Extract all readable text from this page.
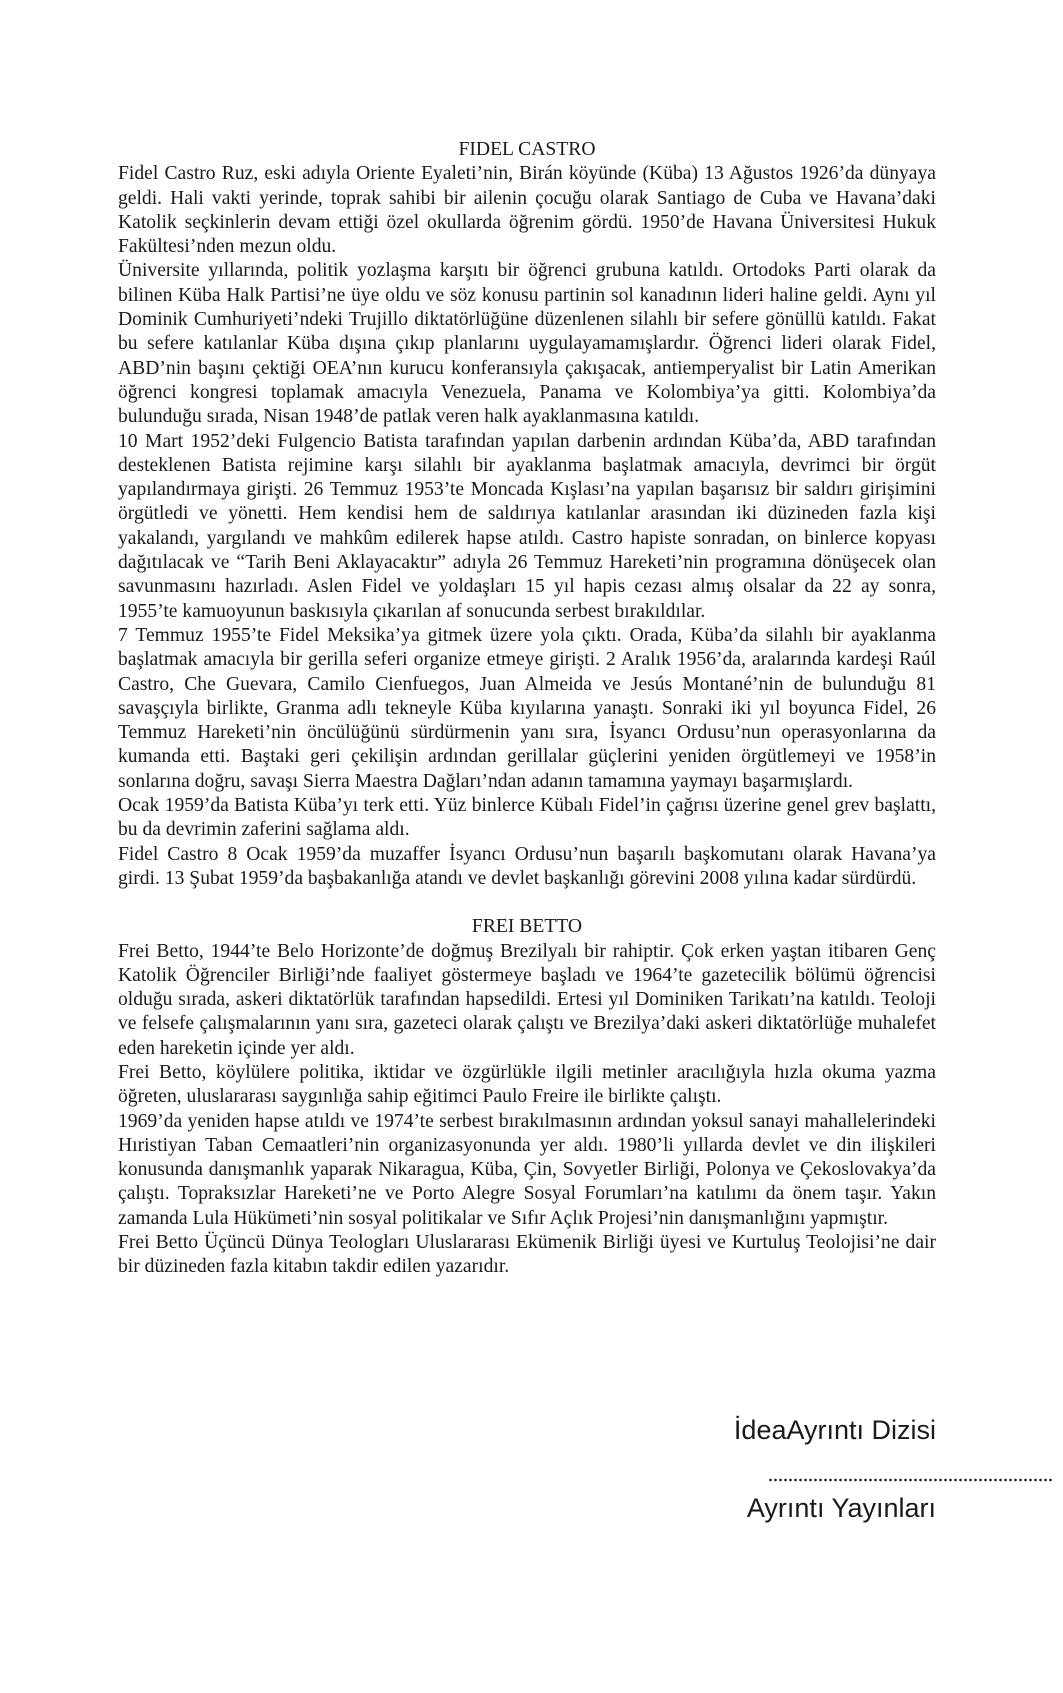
FIDEL CASTRO

Fidel Castro Ruz, eski adıyla Oriente Eyaleti’nin, Birán köyünde (Küba) 13 Ağustos 1926’da dünyaya geldi. Hali vakti yerinde, toprak sahibi bir ailenin çocuğu olarak Santiago de Cuba ve Havana’daki Katolik seçkinlerin devam ettiği özel okullarda öğrenim gördü. 1950’de Havana Üniversitesi Hukuk Fakültesi’nden mezun oldu.

Üniversite yıllarında, politik yozlaşma karşıtı bir öğrenci grubuna katıldı. Ortodoks Parti olarak da bilinen Küba Halk Partisi’ne üye oldu ve söz konusu partinin sol kanadının lideri haline geldi. Aynı yıl Dominik Cumhuriyeti’ndeki Trujillo diktatörlüğüne düzenlenen silahlı bir sefere gönüllü katıldı. Fakat bu sefere katılanlar Küba dışına çıkıp planlarını uygulayamamışlardır. Öğrenci lideri olarak Fidel, ABD’nin başını çektiği OEA’nın kurucu konferansıyla çakışacak, antiemperyalist bir Latin Amerikan öğrenci kongresi toplamak amacıyla Venezuela, Panama ve Kolombiya’ya gitti. Kolombiya’da bulunduğu sırada, Nisan 1948’de patlak veren halk ayaklanmasına katıldı.

10 Mart 1952’deki Fulgencio Batista tarafından yapılan darbenin ardından Küba’da, ABD tarafından desteklenen Batista rejimine karşı silahlı bir ayaklanma başlatmak amacıyla, devrimci bir örgüt yapılandırmaya girişti. 26 Temmuz 1953’te Moncada Kışlası’na yapılan başarısız bir saldırı girişimini örgütledi ve yönetti. Hem kendisi hem de saldırıya katılanlar arasından iki düzineden fazla kişi yakalandı, yargılandı ve mahkûm edilerek hapse atıldı. Castro hapiste sonradan, on binlerce kopyası dağıtılacak ve “Tarih Beni Aklayacaktır” adıyla 26 Temmuz Hareketi’nin programına dönüşecek olan savunmasını hazırladı. Aslen Fidel ve yoldaşları 15 yıl hapis cezası almış olsalar da 22 ay sonra, 1955’te kamuoyunun baskısıyla çıkarılan af sonucunda serbest bırakıldılar.

7 Temmuz 1955’te Fidel Meksika’ya gitmek üzere yola çıktı. Orada, Küba’da silahlı bir ayaklanma başlatmak amacıyla bir gerilla seferi organize etmeye girişti. 2 Aralık 1956’da, aralarında kardeşi Raúl Castro, Che Guevara, Camilo Cienfuegos, Juan Almeida ve Jesús Montané’nin de bulunduğu 81 savaşçıyla birlikte, Granma adlı tekneyle Küba kıyılarına yanaştı. Sonraki iki yıl boyunca Fidel, 26 Temmuz Hareketi’nin öncülüğünü sürdürmenin yanı sıra, İsyancı Ordusu’nun operasyonlarına da kumanda etti. Baştaki geri çekilişin ardından gerillalar güçlerini yeniden örgütlemeyi ve 1958’in sonlarına doğru, savaşı Sierra Maestra Dağları’ndan adanın tamamına yaymayı başarmışlardı.

Ocak 1959’da Batista Küba’yı terk etti. Yüz binlerce Kübalı Fidel’in çağrısı üzerine genel grev başlattı, bu da devrimin zaferini sağlama aldı.

Fidel Castro 8 Ocak 1959’da muzaffer İsyancı Ordusu’nun başarılı başkomutanı olarak Havana’ya girdi. 13 Şubat 1959’da başbakanlığa atandı ve devlet başkanlığı görevini 2008 yılına kadar sürdürdü.

FREI BETTO

Frei Betto, 1944’te Belo Horizonte’de doğmuş Brezilyalı bir rahiptir. Çok erken yaştan itibaren Genç Katolik Öğrenciler Birliği’nde faaliyet göstermeye başladı ve 1964’te gazetecilik bölümü öğrencisi olduğu sırada, askeri diktatörlük tarafından hapsedildi. Ertesi yıl Dominiken Tarikatı’na katıldı. Teoloji ve felsefe çalışmalarının yanı sıra, gazeteci olarak çalıştı ve Brezilya’daki askeri diktatörlüğe muhalefet eden hareketin içinde yer aldı.

Frei Betto, köylülere politika, iktidar ve özgürlükle ilgili metinler aracılığıyla hızla okuma yazma öğreten, uluslararası saygınlığa sahip eğitimci Paulo Freire ile birlikte çalıştı.

1969’da yeniden hapse atıldı ve 1974’te serbest bırakılmasının ardından yoksul sanayi mahallelerindeki Hıristiyan Taban Cemaatleri’nin organizasyonunda yer aldı. 1980’li yıllarda devlet ve din ilişkileri konusunda danışmanlık yaparak Nikaragua, Küba, Çin, Sovyetler Birliği, Polonya ve Çekoslovakya’da çalıştı. Topraksızlar Hareketi’ne ve Porto Alegre Sosyal Forumları’na katılımı da önem taşır. Yakın zamanda Lula Hükümeti’nin sosyal politikalar ve Sıfır Açlık Projesi’nin danışmanlığını yapmıştır.

Frei Betto Üçüncü Dünya Teologları Uluslararası Ekümenik Birliği üyesi ve Kurtuluş Teolojisi’ne dair bir düzineden fazla kitabın takdir edilen yazarıdır.

İdeaAyrıntı Dizisi
Ayrıntı Yayınları
